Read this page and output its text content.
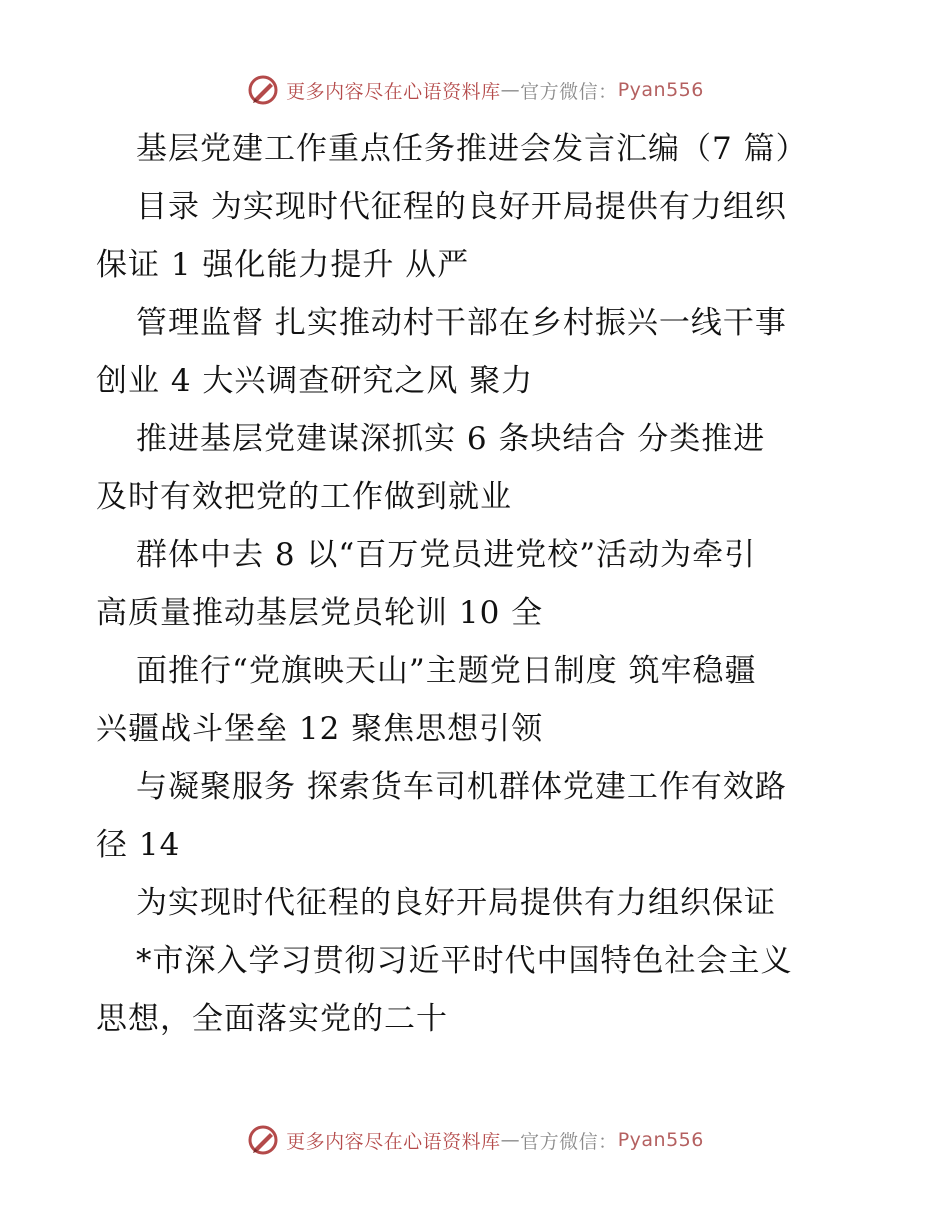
更多内容尽在心语资料库 — 官方微信： Pyan556
基层党建工作重点任务推进会发言汇编（7 篇）
目录 为实现时代征程的良好开局提供有力组织
保证 1 强化能力提升 从严
管理监督 扎实推动村干部在乡村振兴一线干事
创业 4 大兴调查研究之风 聚力
推进基层党建谋深抓实 6 条块结合 分类推进
及时有效把党的工作做到就业
群体中去 8 以“百万党员进党校”活动为牵引
高质量推动基层党员轮训 10 全
面推行“党旗映天山”主题党日制度 筑牢稳疆
兴疆战斗堡垒 12 聚焦思想引领
与凝聚服务 探索货车司机群体党建工作有效路
径 14
为实现时代征程的良好开局提供有力组织保证
*市深入学习贯彻习近平时代中国特色社会主义
思想，全面落实党的二十
更多内容尽在心语资料库 — 官方微信： Pyan556
